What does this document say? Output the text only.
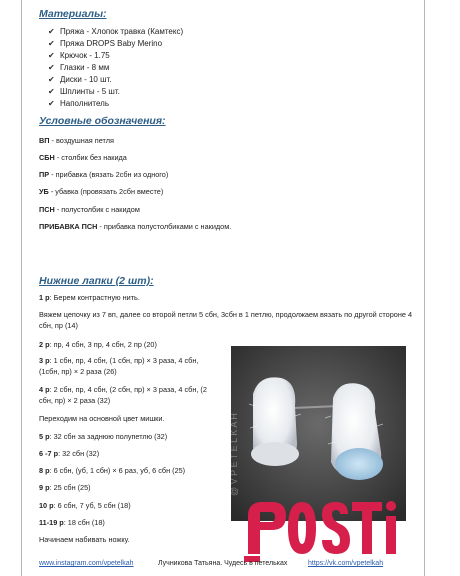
Материалы:
✔ Пряжа - Хлопок травка (Камтекс)
✔ Пряжа DROPS Baby Merino
✔ Крючок - 1.75
✔ Глазки - 8 мм
✔ Диски - 10 шт.
✔ Шплинты - 5 шт.
✔ Наполнитель
Условные обозначения:
ВП - воздушная петля
СБН - столбик без накида
ПР - прибавка (вязать 2сбн из одного)
УБ - убавка (провязать 2сбн вместе)
ПСН - полустолбик с накидом
ПРИБАВКА ПСН - прибавка полустолбиками с накидом.
Нижние лапки (2 шт):
1 р: Берем контрастную нить.
Вяжем цепочку из 7 вп, далее со второй петли 5 сбн, 3сбн в 1 петлю, продолжаем вязать по другой стороне 4 сбн, пр (14)
2 р: пр, 4 сбн, 3 пр, 4 сбн, 2 пр (20)
3 р: 1 сбн, пр, 4 сбн, (1 сбн, пр) × 3 раза, 4 сбн,
(1сбн, пр) × 2 раза (26)
4 р: 2 сбн, пр, 4 сбн, (2 сбн, пр) × 3 раза, 4 сбн, (2
сбн, пр) × 2 раза (32)
Переходим на основной цвет мишки.
5 р: 32 сбн за заднюю полупетлю (32)
6 -7 р: 32 сбн (32)
8 р: 6 сбн, (уб, 1 сбн) × 6 раз, уб, 6 сбн (25)
9 р: 25 сбн (25)
10 р: 6 сбн, 7 уб, 5 сбн (18)
11-19 р: 18 сбн (18)
Начинаем набивать ножку.
@ V P E T E L K A H
www.instagram.com/vpetelkah	Лучникова Татьяна. Чудесь в петельках	https://vk.com/vpetelkah
